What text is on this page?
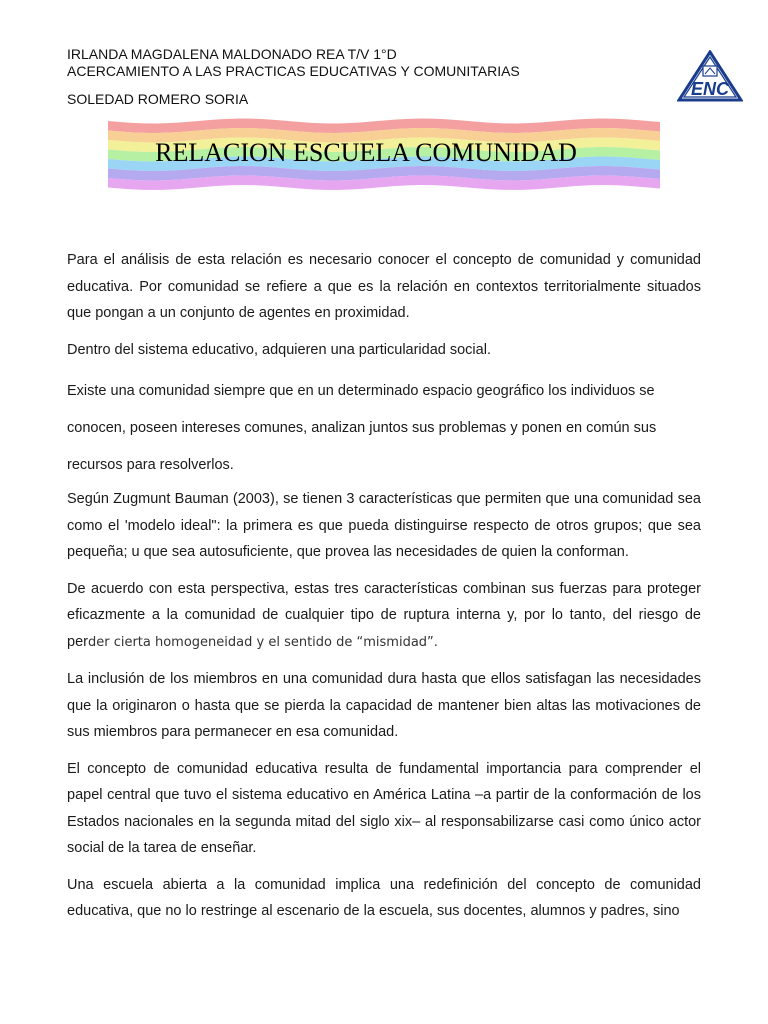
IRLANDA MAGDALENA MALDONADO REA T/V 1°D
ACERCAMIENTO A LAS PRACTICAS EDUCATIVAS Y COMUNITARIAS
SOLEDAD ROMERO SORIA	ENC
RELACION ESCUELA COMUNIDAD

Para el análisis de esta relación es necesario conocer el concepto de comunidad y comunidad educativa. Por comunidad se refiere a que es la relación en contextos territorialmente situados que pongan a un conjunto de agentes en proximidad.

Dentro del sistema educativo, adquieren una particularidad social.

Existe una comunidad siempre que en un determinado espacio geográfico los individuos se conocen, poseen intereses comunes, analizan juntos sus problemas y ponen en común sus recursos para resolverlos.

Según Zugmunt Bauman (2003), se tienen 3 características que permiten que una comunidad sea como el 'modelo ideal": la primera es que pueda distinguirse respecto de otros grupos; que sea pequeña; u que sea autosuficiente, que provea las necesidades de quien la conforman.

De acuerdo con esta perspectiva, estas tres características combinan sus fuerzas para proteger eficazmente a la comunidad de cualquier tipo de ruptura interna y, por lo tanto, del riesgo de perder cierta homogeneidad y el sentido de “mismidad”.

La inclusión de los miembros en una comunidad dura hasta que ellos satisfagan las necesidades que la originaron o hasta que se pierda la capacidad de mantener bien altas las motivaciones de sus miembros para permanecer en esa comunidad.

El concepto de comunidad educativa resulta de fundamental importancia para comprender el papel central que tuvo el sistema educativo en América Latina –a partir de la conformación de los Estados nacionales en la segunda mitad del siglo xix– al responsabilizarse casi como único actor social de la tarea de enseñar.

Una escuela abierta a la comunidad implica una redefinición del concepto de comunidad educativa, que no lo restringe al escenario de la escuela, sus docentes, alumnos y padres, sino
